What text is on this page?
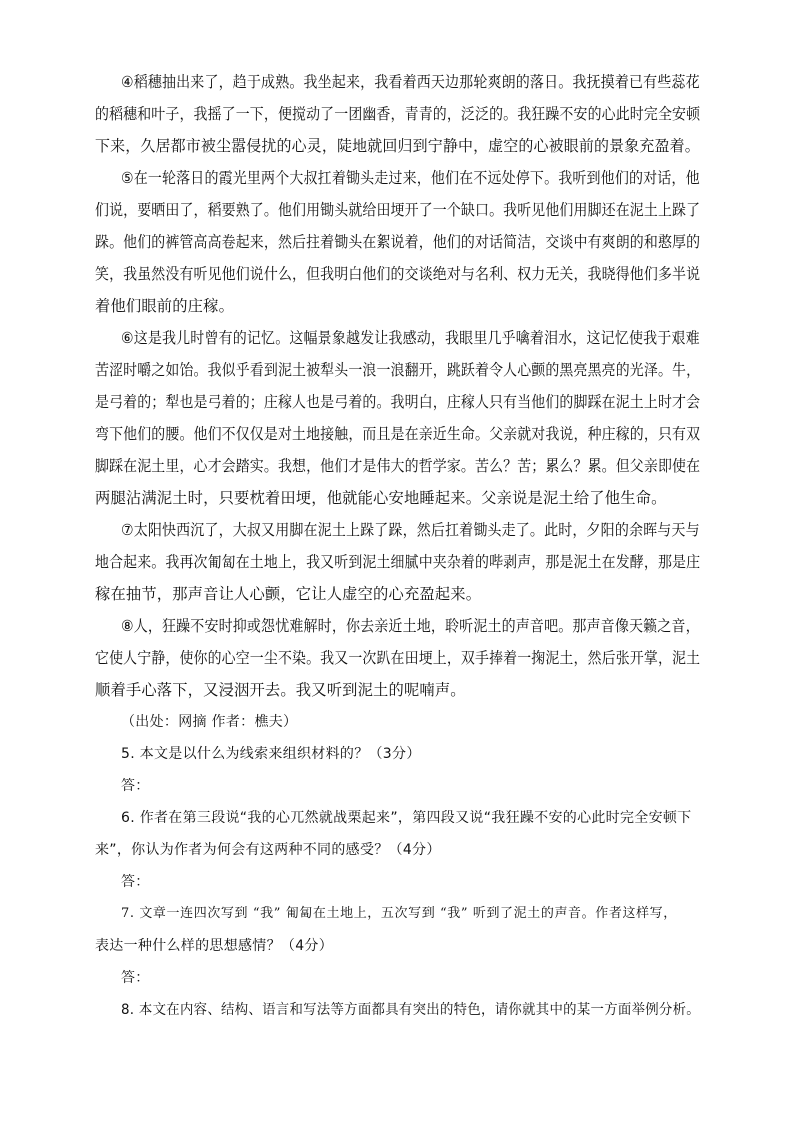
④稻穗抽出来了，趋于成熟。我坐起来，我看着西天边那轮爽朗的落日。我抚摸着已有些蕊花
的稻穗和叶子，我摇了一下，便搅动了一团幽香，青青的，泛泛的。我狂躁不安的心此时完全安顿
下来，久居都市被尘嚣侵扰的心灵，陡地就回归到宁静中，虚空的心被眼前的景象充盈着。
⑤在一轮落日的霞光里两个大叔扛着锄头走过来，他们在不远处停下。我听到他们的对话，他
们说，要晒田了，稻要熟了。他们用锄头就给田埂开了一个缺口。我听见他们用脚还在泥土上跺了
跺。他们的裤管高高卷起来，然后拄着锄头在絮说着，他们的对话简洁，交谈中有爽朗的和憨厚的
笑，我虽然没有听见他们说什么，但我明白他们的交谈绝对与名利、权力无关，我晓得他们多半说
着他们眼前的庄稼。
⑥这是我儿时曾有的记忆。这幅景象越发让我感动，我眼里几乎噙着泪水，这记忆使我于艰难
苦涩时嚼之如饴。我似乎看到泥土被犁头一浪一浪翻开，跳跃着令人心颤的黑亮黑亮的光泽。牛，
是弓着的；犁也是弓着的；庄稼人也是弓着的。我明白，庄稼人只有当他们的脚踩在泥土上时才会
弯下他们的腰。他们不仅仅是对土地接触，而且是在亲近生命。父亲就对我说，种庄稼的，只有双
脚踩在泥土里，心才会踏实。我想，他们才是伟大的哲学家。苦么？苦；累么？累。但父亲即使在
两腿沾满泥土时，只要枕着田埂，他就能心安地睡起来。父亲说是泥土给了他生命。
⑦太阳快西沉了，大叔又用脚在泥土上跺了跺，然后扛着锄头走了。此时，夕阳的余晖与天与
地合起来。我再次匍匐在土地上，我又听到泥土细腻中夹杂着的哔剥声，那是泥土在发酵，那是庄
稼在抽节，那声音让人心颤，它让人虚空的心充盈起来。
⑧人，狂躁不安时抑或怨忧难解时，你去亲近土地，聆听泥土的声音吧。那声音像天籁之音，
它使人宁静，使你的心空一尘不染。我又一次趴在田埂上，双手捧着一掬泥土，然后张开掌，泥土
顺着手心落下，又浸洇开去。我又听到泥土的呢喃声。
（出处：网摘 作者：樵夫）
5. 本文是以什么为线索来组织材料的？（3分）
答：
6. 作者在第三段说“我的心兀然就战栗起来”，第四段又说“我狂躁不安的心此时完全安顿下
来”，你认为作者为何会有这两种不同的感受？（4分）
答：
7. 文章一连四次写到 “我” 匍匐在土地上，五次写到 “我” 听到了泥土的声音。作者这样写，
表达一种什么样的思想感情？（4分）
答：
8. 本文在内容、结构、语言和写法等方面都具有突出的特色，请你就其中的某一方面举例分析。
